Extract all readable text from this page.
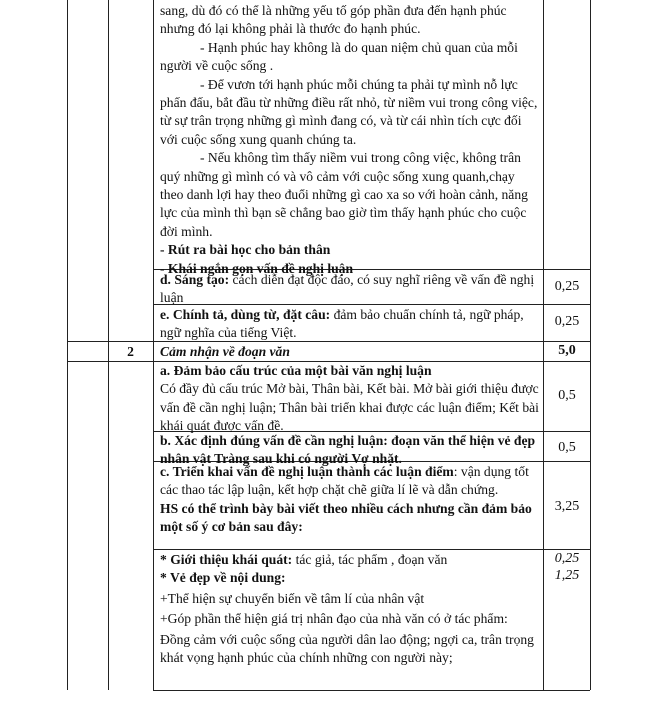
sang, dù đó có thể là những yếu tố góp phần đưa đến hạnh phúc nhưng đó lại không phải là thước đo hạnh phúc.

- Hạnh phúc hay không là do quan niệm chủ quan của mỗi người về cuộc sống .

- Để vươn tới hạnh phúc mỗi chúng ta phải tự mình nỗ lực phấn đấu, bắt đầu từ những điều rất nhỏ, từ niềm vui trong công việc, từ sự trân trọng những gì mình đang có, và từ cái nhìn tích cực đối với cuộc sống xung quanh chúng ta.

- Nếu không tìm thấy niềm vui trong công việc, không trân quý những gì mình có và vô cảm với cuộc sống xung quanh,chạy theo danh lợi hay theo đuổi những gì cao xa so với hoàn cảnh, năng lực của mình thì bạn sẽ chẳng bao giờ tìm thấy hạnh phúc cho cuộc đời mình.

- Rút ra bài học cho bản thân

- Khái ngắn gọn vấn đề nghị luận

d. Sáng tạo: cách diễn đạt độc đáo, có suy nghĩ riêng về vấn đề nghị luận
0,25
e. Chính tả, dùng từ, đặt câu: đảm bảo chuẩn chính tả, ngữ pháp, ngữ nghĩa của tiếng Việt.
0,25
2	Cảm nhận về đoạn văn	5,0

a. Đảm bảo cấu trúc của một bài văn nghị luận

Có đầy đủ cấu trúc Mở bài, Thân bài, Kết bài. Mở bài giới thiệu được vấn đề cần nghị luận; Thân bài triển khai được các luận điểm; Kết bài khái quát được vấn đề.

0,5
b. Xác định đúng vấn đề cần nghị luận: đoạn văn thể hiện vẻ đẹp nhân vật Tràng sau khi có người Vợ nhặt.
0,5

c. Triển khai vấn đề nghị luận thành các luận điểm: vận dụng tốt các thao tác lập luận, kết hợp chặt chẽ giữa lí lẽ và dẫn chứng.

HS có thể trình bày bài viết theo nhiều cách nhưng cần đảm bảo một số ý cơ bản sau đây:

3,25

* Giới thiệu khái quát: tác giả, tác phẩm , đoạn văn

* Vẻ đẹp về nội dung:

+Thể hiện sự chuyển biến về tâm lí của nhân vật

+Góp phần thể hiện giá trị nhân đạo của nhà văn có ở tác phẩm:

Đồng cảm với cuộc sống của người dân lao động; ngợi ca, trân trọng khát vọng hạnh phúc của chính những con người này;

0,25
1,25
